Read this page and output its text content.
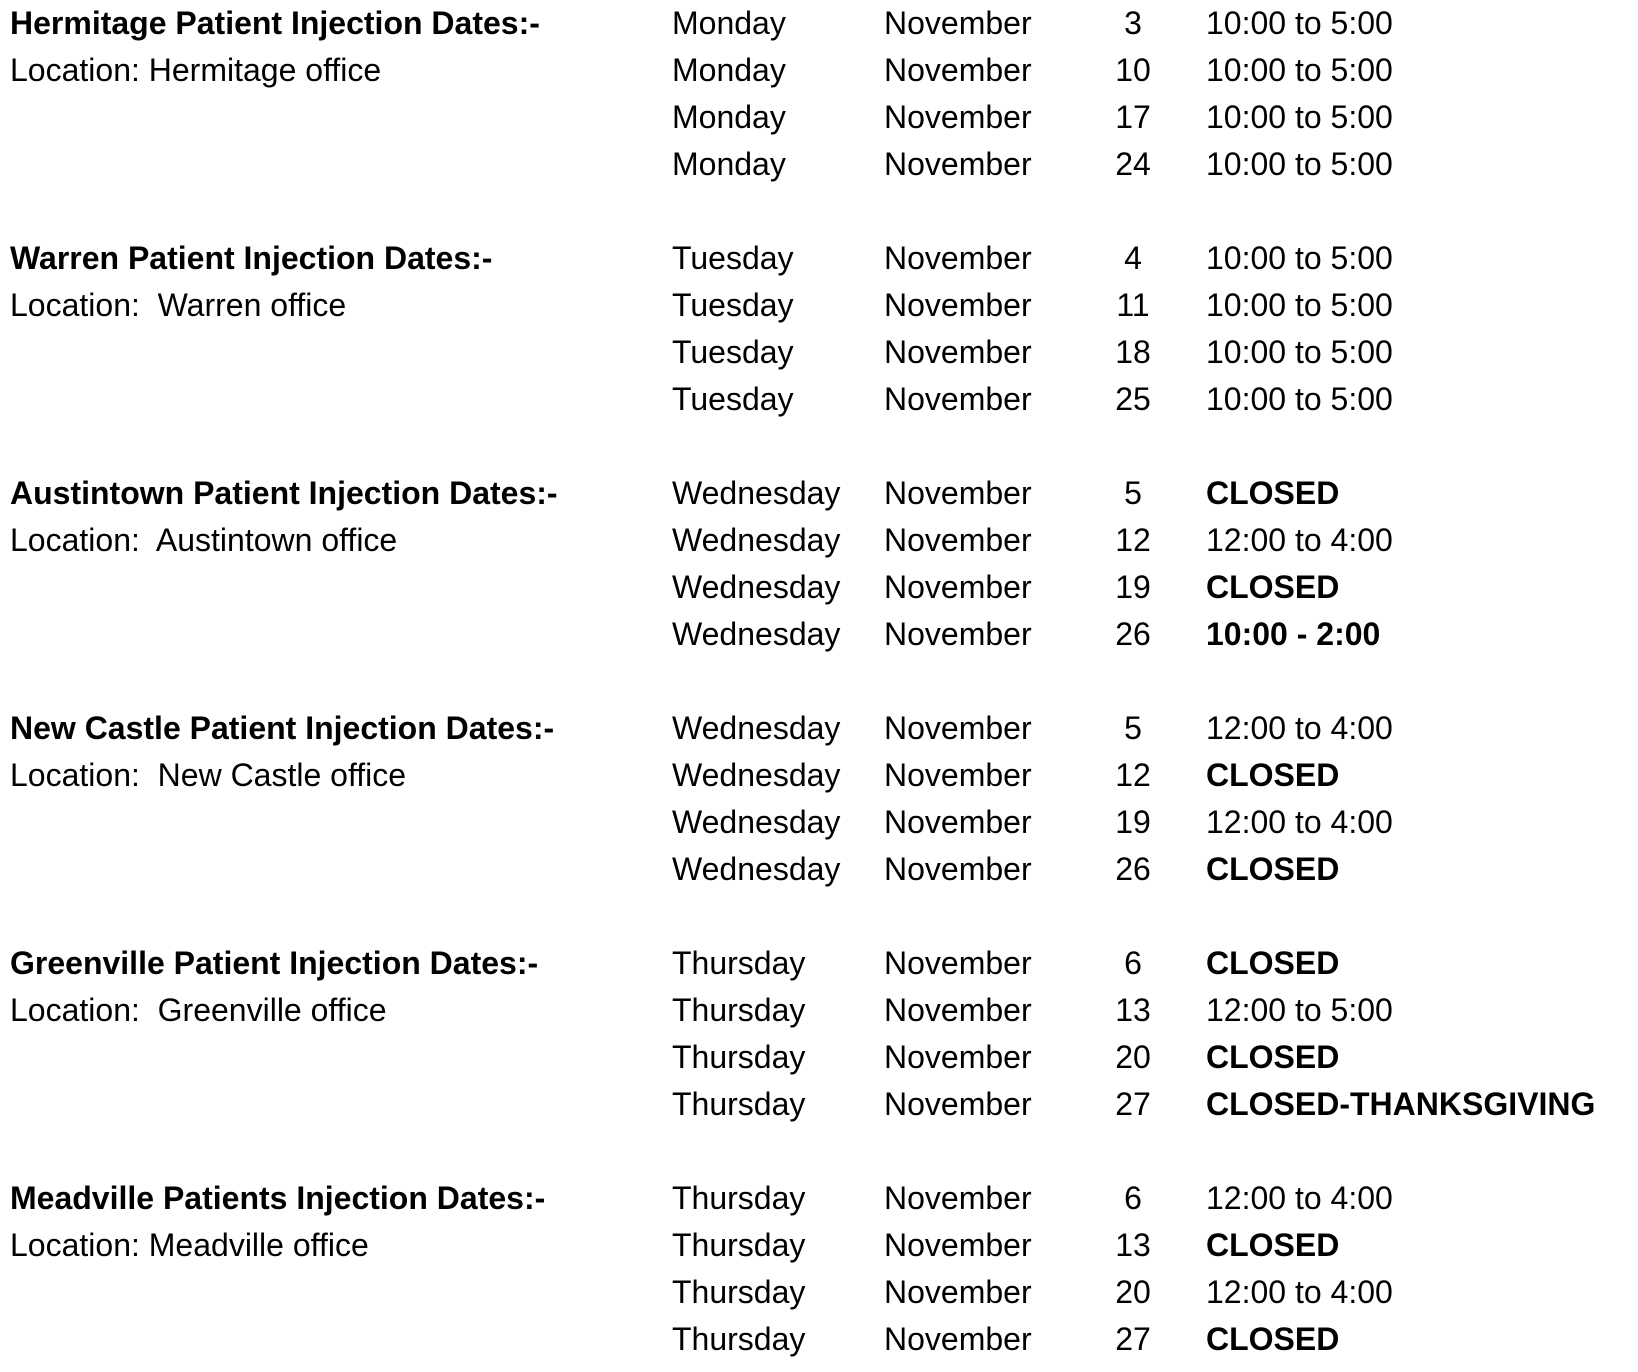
Hermitage Patient Injection Dates:-
Location: Hermitage office
Monday	November	3	10:00 to 5:00
Monday	November	10	10:00 to 5:00
Monday	November	17	10:00 to 5:00
Monday	November	24	10:00 to 5:00
Warren Patient Injection Dates:-
Location:  Warren office
Tuesday	November	4	10:00 to 5:00
Tuesday	November	11	10:00 to 5:00
Tuesday	November	18	10:00 to 5:00
Tuesday	November	25	10:00 to 5:00
Austintown Patient Injection Dates:-
Location:  Austintown office
Wednesday November	5	CLOSED
Wednesday November	12	12:00 to 4:00
Wednesday November	19	CLOSED
Wednesday November	26	10:00 - 2:00
New Castle Patient Injection Dates:-
Location:  New Castle office
Wednesday November	5	12:00 to 4:00
Wednesday November	12	CLOSED
Wednesday November	19	12:00 to 4:00
Wednesday November	26	CLOSED
Greenville Patient Injection Dates:-
Location:  Greenville office
Thursday November	6	CLOSED
Thursday November	13	12:00 to 5:00
Thursday November	20	CLOSED
Thursday November	27	CLOSED-THANKSGIVING
Meadville Patients Injection Dates:-
Location: Meadville office
Thursday November	6	12:00 to 4:00
Thursday November	13	CLOSED
Thursday November	20	12:00 to 4:00
Thursday November	27	CLOSED
